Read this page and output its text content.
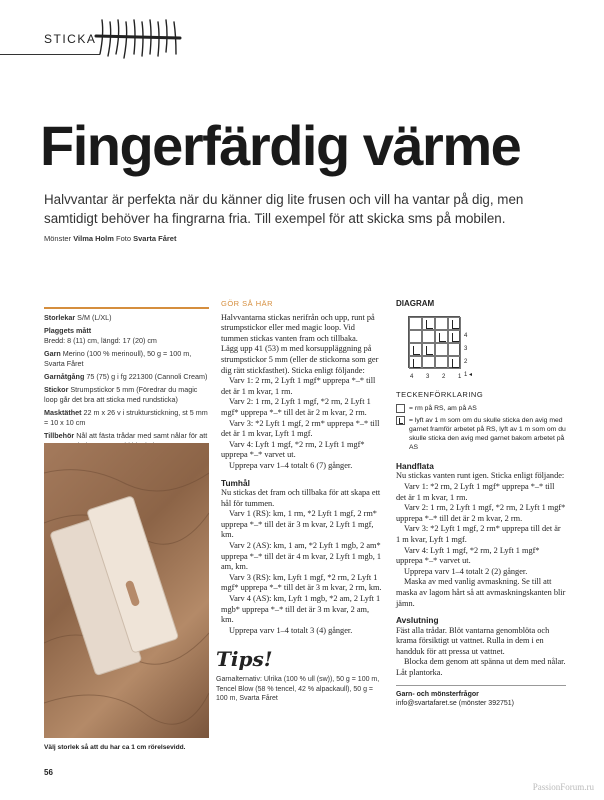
STICKA
Fingerfärdig värme

Halvvantar är perfekta när du känner dig lite frusen och vill ha vantar på dig, men samtidigt behöver ha fingrarna fria. Till exempel för att skicka sms på mobilen.

Mönster Vilma Holm Foto Svarta Fåret
Storlekar S/M (L/XL)
Plaggets mått
Bredd: 8 (11) cm, längd: 17 (20) cm
Garn Merino (100 % merinoull), 50 g = 100 m, Svarta Fåret
Garnåtgång 75 (75) g i fg 221300 (Cannoli Cream)
Stickor Strumpstickor 5 mm (Föredrar du magic loop går det bra att sticka med rundsticka)
Masktäthet 22 m x 26 v i strukturstickning, st 5 mm = 10 x 10 cm
Tillbehör Nål att fästa trådar med samt nålar för att
Välj storlek så att du har ca 1 cm rörelsevidd.
GÖR SÅ HÄR

Halvvantarna stickas nerifrån och upp, runt på strumpstickor eller med magic loop. Vid tummen stickas vanten fram och tillbaka.

Lägg upp 41 (53) m med korsuppläggning på strumpstickor 5 mm (eller de stickorna som ger dig rätt stickfasthet). Sticka enligt följande:

Varv 1: 2 rm, 2 Lyft 1 mgf* upprepa *–* till det är 1 m kvar, 1 rm.

Varv 2: 1 rm, 2 Lyft 1 mgf, *2 rm, 2 Lyft 1 mgf* upprepa *–* till det är 2 m kvar, 2 rm.

Varv 3: *2 Lyft 1 mgf, 2 rm* upprepa *–* till det är 1 m kvar, Lyft 1 mgf.

Varv 4: Lyft 1 mgf, *2 rm, 2 Lyft 1 mgf* upprepa *–* varvet ut.

Upprepa varv 1–4 totalt 6 (7) gånger.

Tumhål

Nu stickas det fram och tillbaka för att skapa ett hål för tummen.

Varv 1 (RS): km, 1 rm, *2 Lyft 1 mgf, 2 rm* upprepa *–* till det är 3 m kvar, 2 Lyft 1 mgf, km.

Varv 2 (AS): km, 1 am, *2 Lyft 1 mgb, 2 am* upprepa *–* till det är 4 m kvar, 2 Lyft 1 mgb, 1 am, km.

Varv 3 (RS): km, Lyft 1 mgf, *2 rm, 2 Lyft 1 mgf* upprepa *–* till det är 3 m kvar, 2 rm, km.

Varv 4 (AS): km, Lyft 1 mgb, *2 am, 2 Lyft 1 mgb* upprepa *–* till det är 3 m kvar, 2 am, km.

Upprepa varv 1–4 totalt 3 (4) gånger.

Tips!
Garnalternativ: Ulrika (100 % ull (sw)), 50 g = 100 m, Tencel Blow (58 % tencel, 42 % alpackaull), 50 g = 100 m, Svarta Fåret
DIAGRAM
4
3
2
1 ◂
4 3 2 1
TECKENFÖRKLARING
= rm på RS, am på AS
= lyft av 1 m som om du skulle sticka den avig med garnet framför arbetet på RS, lyft av 1 m som om du skulle sticka den avig med garnet bakom arbetet på AS
Handflata

Nu stickas vanten runt igen. Sticka enligt följande:

Varv 1: *2 rm, 2 Lyft 1 mgf* upprepa *–* till det är 1 m kvar, 1 rm.

Varv 2: 1 rm, 2 Lyft 1 mgf, *2 rm, 2 Lyft 1 mgf* upprepa *–* till det är 2 m kvar, 2 rm.

Varv 3: *2 Lyft 1 mgf, 2 rm* upprepa till det är 1 m kvar, Lyft 1 mgf.

Varv 4: Lyft 1 mgf, *2 rm, 2 Lyft 1 mgf* upprepa *–* varvet ut.

Upprepa varv 1–4 totalt 2 (2) gånger.

Maska av med vanlig avmaskning. Se till att maska av lagom hårt så att avmaskningskanten blir jämn.

Avslutning

Fäst alla trådar. Blöt vantarna genomblöta och krama försiktigt ut vattnet. Rulla in dem i en handduk för att pressa ut vattnet.

Blocka dem genom att spänna ut dem med nålar. Låt plantorka.

Garn- och mönsterfrågor
info@svartafaret.se (mönster 392751)
56
PassionForum.ru
